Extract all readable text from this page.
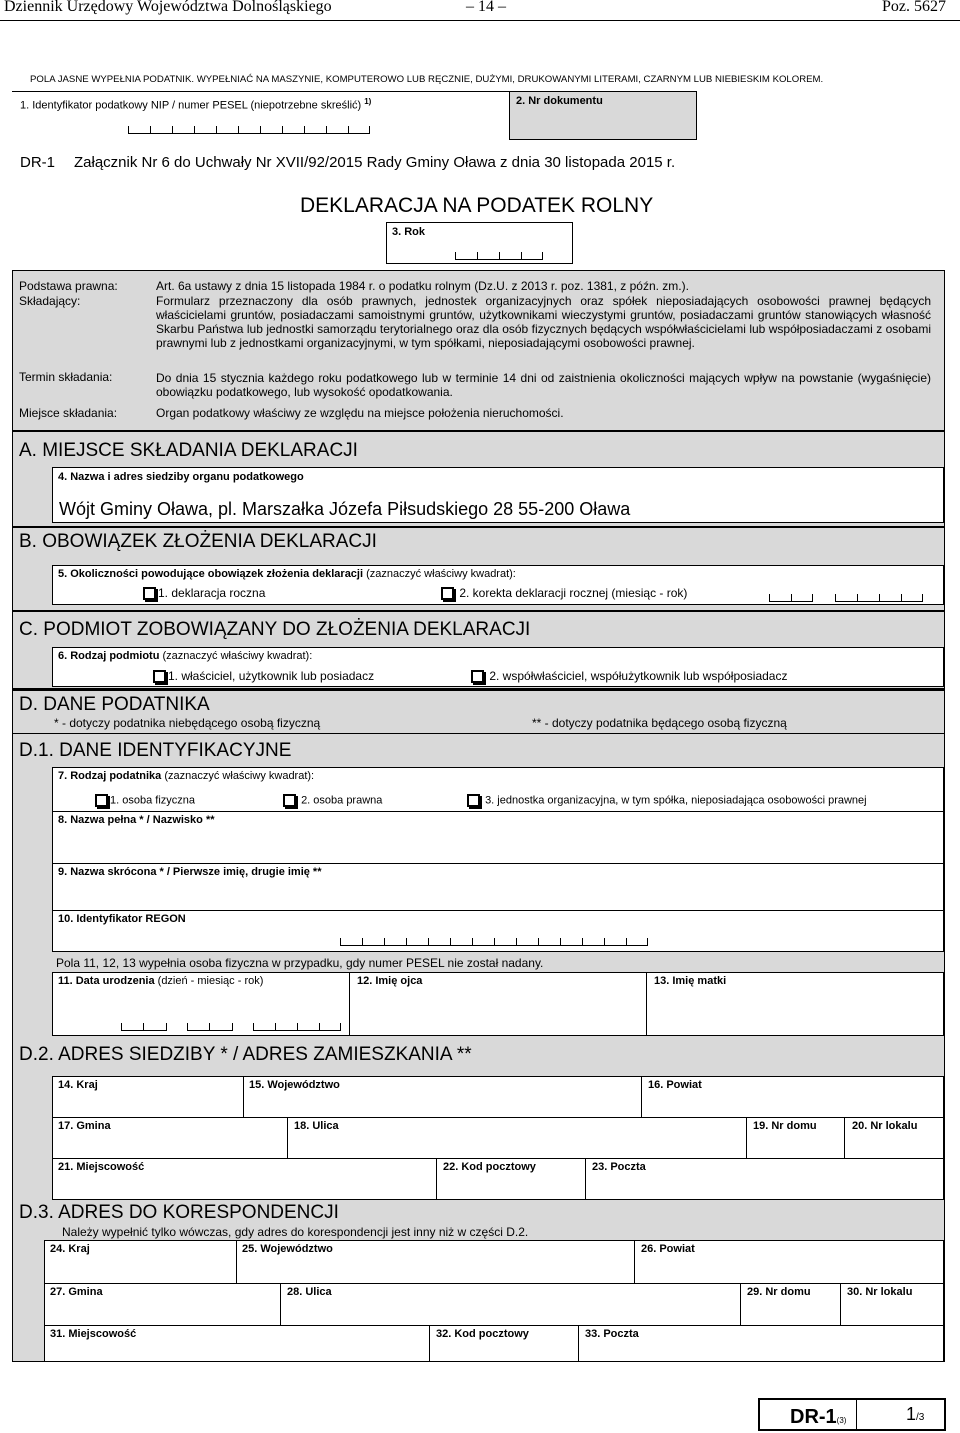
Dziennik Urzędowy Województwa Dolnośląskiego	– 14 –	Poz. 5627
POLA JASNE WYPEŁNIA PODATNIK. WYPEŁNIAĆ NA MASZYNIE, KOMPUTEROWO LUB RĘCZNIE, DUŻYMI, DRUKOWANYMI LITERAMI, CZARNYM LUB NIEBIESKIM KOLOREM.
1. Identyfikator podatkowy NIP / numer PESEL (niepotrzebne skreślić) $^{1)}$	2. Nr dokumentu
DR-1 Załącznik Nr 6 do Uchwały Nr XVII/92/2015 Rady Gminy Oława z dnia 30 listopada 2015 r.
DEKLARACJA NA PODATEK ROLNY
3. Rok
Podstawa prawna:	Art. 6a ustawy z dnia 15 listopada 1984 r. o podatku rolnym (Dz.U. z 2013 r. poz. 1381, z późn. zm.).
Składający:	Formularz przeznaczony dla osób prawnych, jednostek organizacyjnych oraz spółek nieposiadających osobowości prawnej będących właścicielami gruntów, posiadaczami samoistnymi gruntów, użytkownikami wieczystymi gruntów, posiadaczami gruntów stanowiących własność Skarbu Państwa lub jednostki samorządu terytorialnego oraz dla osób fizycznych będących współwłaścicielami lub współposiadaczami z osobami prawnymi lub z jednostkami organizacyjnymi, w tym spółkami, nieposiadającymi osobowości prawnej.
Termin składania:	Do dnia 15 stycznia każdego roku podatkowego lub w terminie 14 dni od zaistnienia okoliczności mających wpływ na powstanie (wygaśnięcie) obowiązku podatkowego, lub wysokość opodatkowania.
Miejsce składania:	Organ podatkowy właściwy ze względu na miejsce położenia nieruchomości.
A. MIEJSCE SKŁADANIA DEKLARACJI
4. Nazwa i adres siedziby organu podatkowego
Wójt Gminy Oława, pl. Marszałka Józefa Piłsudskiego 28 55-200 Oława
B. OBOWIĄZEK ZŁOŻENIA DEKLARACJI
5. Okoliczności powodujące obowiązek złożenia deklaracji (zaznaczyć właściwy kwadrat):
1. deklaracja roczna	2. korekta deklaracji rocznej (miesiąc - rok)
C. PODMIOT ZOBOWIĄZANY DO ZŁOŻENIA DEKLARACJI
6. Rodzaj podmiotu (zaznaczyć właściwy kwadrat):
1. właściciel, użytkownik lub posiadacz	2. współwłaściciel, współużytkownik lub współposiadacz
D. DANE PODATNIKA
* - dotyczy podatnika niebędącego osobą fizyczną	** - dotyczy podatnika będącego osobą fizyczną
D.1. DANE IDENTYFIKACYJNE
7. Rodzaj podatnika (zaznaczyć właściwy kwadrat):
1. osoba fizyczna	2. osoba prawna	3. jednostka organizacyjna, w tym spółka, nieposiadająca osobowości prawnej
8. Nazwa pełna * / Nazwisko **
9. Nazwa skrócona * / Pierwsze imię, drugie imię **
10. Identyfikator REGON
Pola 11, 12, 13 wypełnia osoba fizyczna w przypadku, gdy numer PESEL nie został nadany.
11. Data urodzenia (dzień - miesiąc - rok)	12. Imię ojca	13. Imię matki
D.2. ADRES SIEDZIBY * / ADRES ZAMIESZKANIA **
14. Kraj	15. Województwo	16. Powiat
17. Gmina	18. Ulica	19. Nr domu	20. Nr lokalu
21. Miejscowość	22. Kod pocztowy	23. Poczta
D.3. ADRES DO KORESPONDENCJI
Należy wypełnić tylko wówczas, gdy adres do korespondencji jest inny niż w części D.2.
24. Kraj	25. Województwo	26. Powiat
27. Gmina	28. Ulica	29. Nr domu	30. Nr lokalu
31. Miejscowość	32. Kod pocztowy	33. Poczta
DR-1(3)	1/3
